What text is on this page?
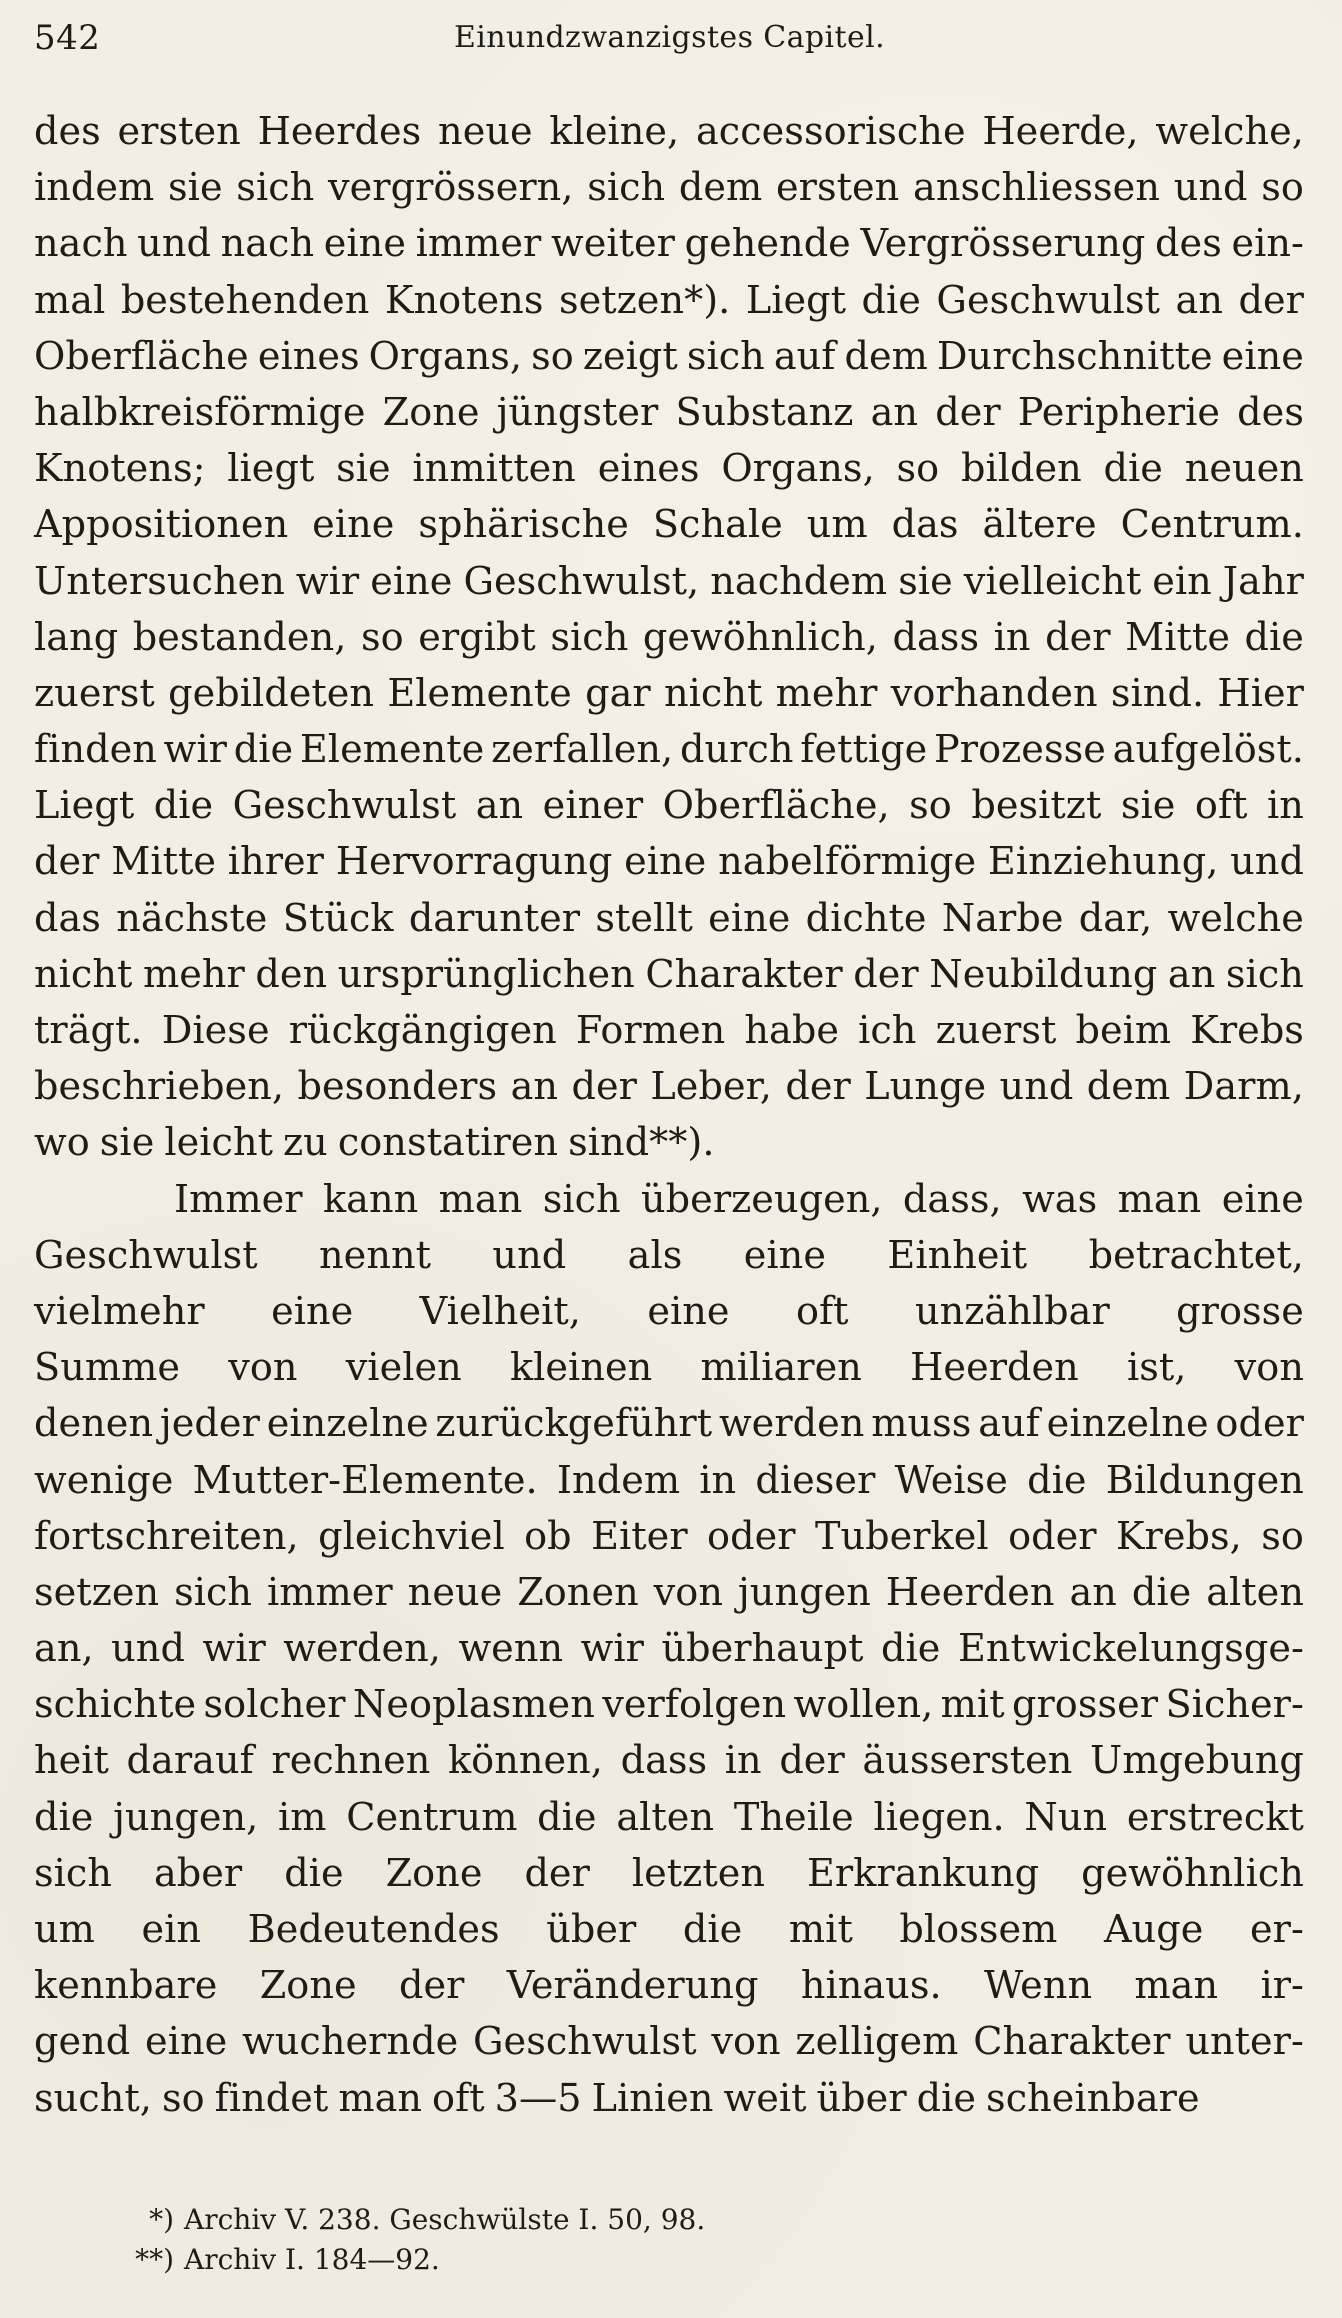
542	Einundzwanzigstes Capitel.
des ersten Heerdes neue kleine, accessorische Heerde, welche,
indem sie sich vergrössern, sich dem ersten anschliessen und so
nach und nach eine immer weiter gehende Vergrösserung des ein-
mal bestehenden Knotens setzen*). Liegt die Geschwulst an der
Oberfläche eines Organs, so zeigt sich auf dem Durchschnitte eine
halbkreisförmige Zone jüngster Substanz an der Peripherie des
Knotens; liegt sie inmitten eines Organs, so bilden die neuen
Appositionen eine sphärische Schale um das ältere Centrum.
Untersuchen wir eine Geschwulst, nachdem sie vielleicht ein Jahr
lang bestanden, so ergibt sich gewöhnlich, dass in der Mitte die
zuerst gebildeten Elemente gar nicht mehr vorhanden sind. Hier
finden wir die Elemente zerfallen, durch fettige Prozesse aufgelöst.
Liegt die Geschwulst an einer Oberfläche, so besitzt sie oft in
der Mitte ihrer Hervorragung eine nabelförmige Einziehung, und
das nächste Stück darunter stellt eine dichte Narbe dar, welche
nicht mehr den ursprünglichen Charakter der Neubildung an sich
trägt. Diese rückgängigen Formen habe ich zuerst beim Krebs
beschrieben, besonders an der Leber, der Lunge und dem Darm,
wo sie leicht zu constatiren sind**).
Immer kann man sich überzeugen, dass, was man eine
Geschwulst nennt und als eine Einheit betrachtet,
vielmehr eine Vielheit, eine oft unzählbar grosse
Summe von vielen kleinen miliaren Heerden ist, von
denen jeder einzelne zurückgeführt werden muss auf einzelne oder
wenige Mutter-Elemente. Indem in dieser Weise die Bildungen
fortschreiten, gleichviel ob Eiter oder Tuberkel oder Krebs, so
setzen sich immer neue Zonen von jungen Heerden an die alten
an, und wir werden, wenn wir überhaupt die Entwickelungsge-
schichte solcher Neoplasmen verfolgen wollen, mit grosser Sicher-
heit darauf rechnen können, dass in der äussersten Umgebung
die jungen, im Centrum die alten Theile liegen. Nun erstreckt
sich aber die Zone der letzten Erkrankung gewöhnlich
um ein Bedeutendes über die mit blossem Auge er-
kennbare Zone der Veränderung hinaus. Wenn man ir-
gend eine wuchernde Geschwulst von zelligem Charakter unter-
sucht, so findet man oft 3—5 Linien weit über die scheinbare
*) Archiv V. 238. Geschwülste I. 50, 98.
**) Archiv I. 184—92.
